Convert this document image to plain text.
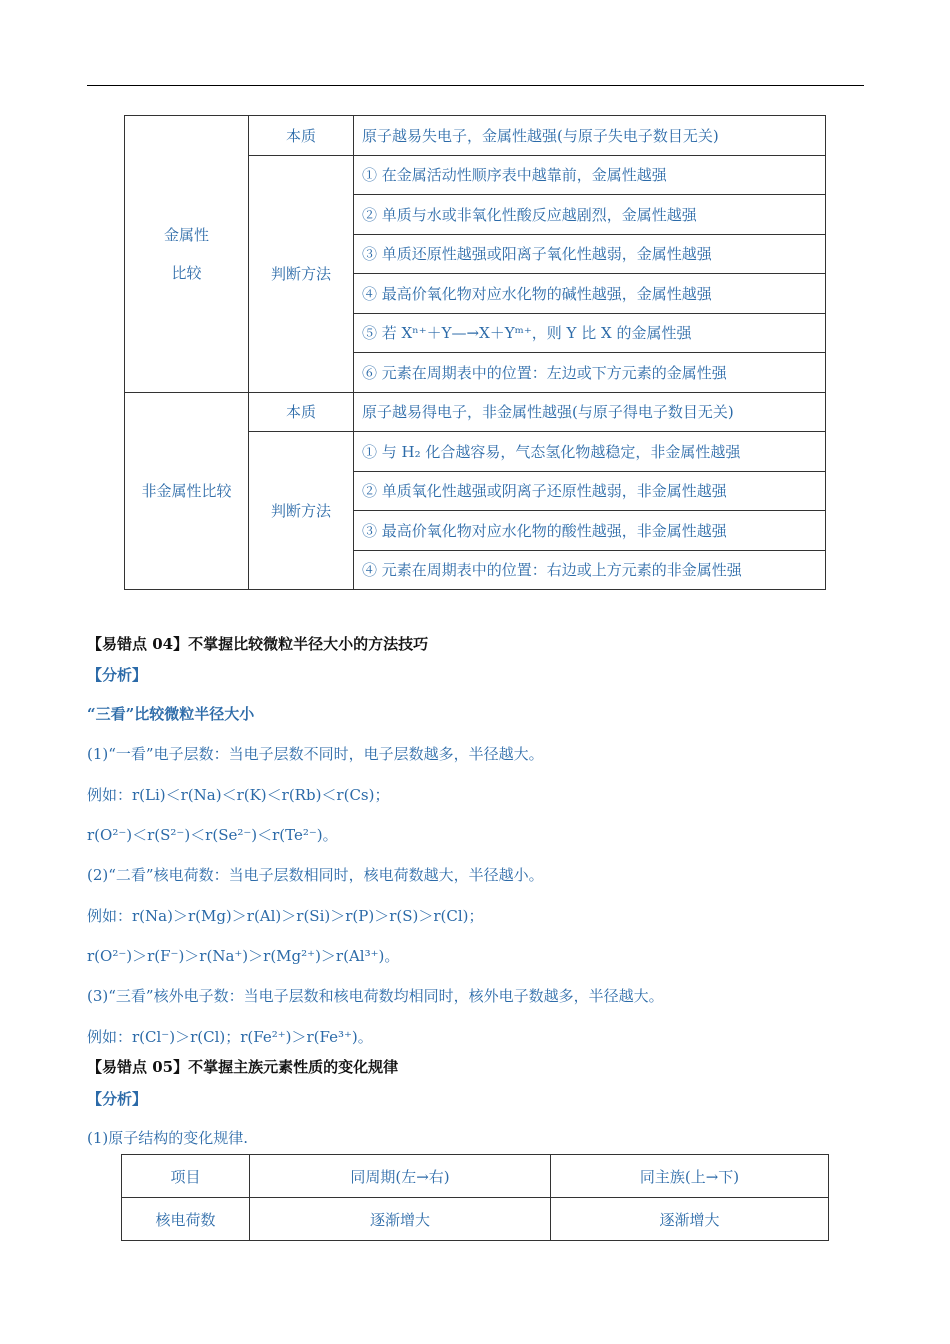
金属性
比较	本质	原子越易失电子，金属性越强(与原子失电子数目无关)
	判断方法	① 在金属活动性顺序表中越靠前，金属性越强
		② 单质与水或非氧化性酸反应越剧烈，金属性越强
		③ 单质还原性越强或阳离子氧化性越弱，金属性越强
		④ 最高价氧化物对应水化物的碱性越强，金属性越强
		⑤ 若 Xⁿ⁺＋Y—→X＋Yᵐ⁺，则 Y 比 X 的金属性强
		⑥ 元素在周期表中的位置：左边或下方元素的金属性强
非金属性比较	本质	原子越易得电子，非金属性越强(与原子得电子数目无关)
	判断方法	① 与 H₂ 化合越容易，气态氢化物越稳定，非金属性越强
		② 单质氧化性越强或阴离子还原性越弱，非金属性越强
		③ 最高价氧化物对应水化物的酸性越强，非金属性越强
		④ 元素在周期表中的位置：右边或上方元素的非金属性强
【易错点 04】不掌握比较微粒半径大小的方法技巧
【分析】
“三看”比较微粒半径大小
(1)“一看”电子层数：当电子层数不同时，电子层数越多，半径越大。
例如：r(Li)＜r(Na)＜r(K)＜r(Rb)＜r(Cs)；
r(O²⁻)＜r(S²⁻)＜r(Se²⁻)＜r(Te²⁻)。
(2)“二看”核电荷数：当电子层数相同时，核电荷数越大，半径越小。
例如：r(Na)＞r(Mg)＞r(Al)＞r(Si)＞r(P)＞r(S)＞r(Cl)；
r(O²⁻)＞r(F⁻)＞r(Na⁺)＞r(Mg²⁺)＞r(Al³⁺)。
(3)“三看”核外电子数：当电子层数和核电荷数均相同时，核外电子数越多，半径越大。
例如：r(Cl⁻)＞r(Cl)；r(Fe²⁺)＞r(Fe³⁺)。
【易错点 05】不掌握主族元素性质的变化规律
【分析】
(1)原子结构的变化规律.
项目	同周期(左→右)	同主族(上→下)
核电荷数	逐渐增大	逐渐增大
